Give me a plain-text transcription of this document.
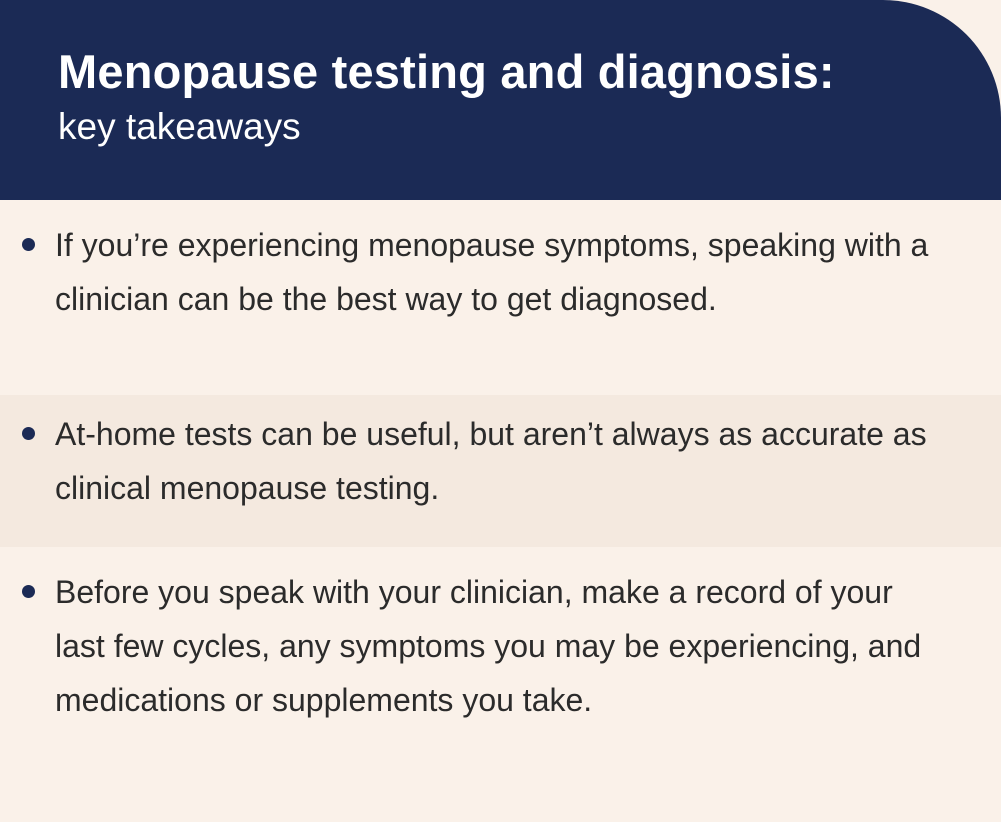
Menopause testing and diagnosis:
key takeaways

If you’re experiencing menopause symptoms, speaking with a clinician can be the best way to get diagnosed.

At-home tests can be useful, but aren’t always as accurate as clinical menopause testing.

Before you speak with your clinician, make a record of your last few cycles, any symptoms you may be experiencing, and medications or supplements you take.
